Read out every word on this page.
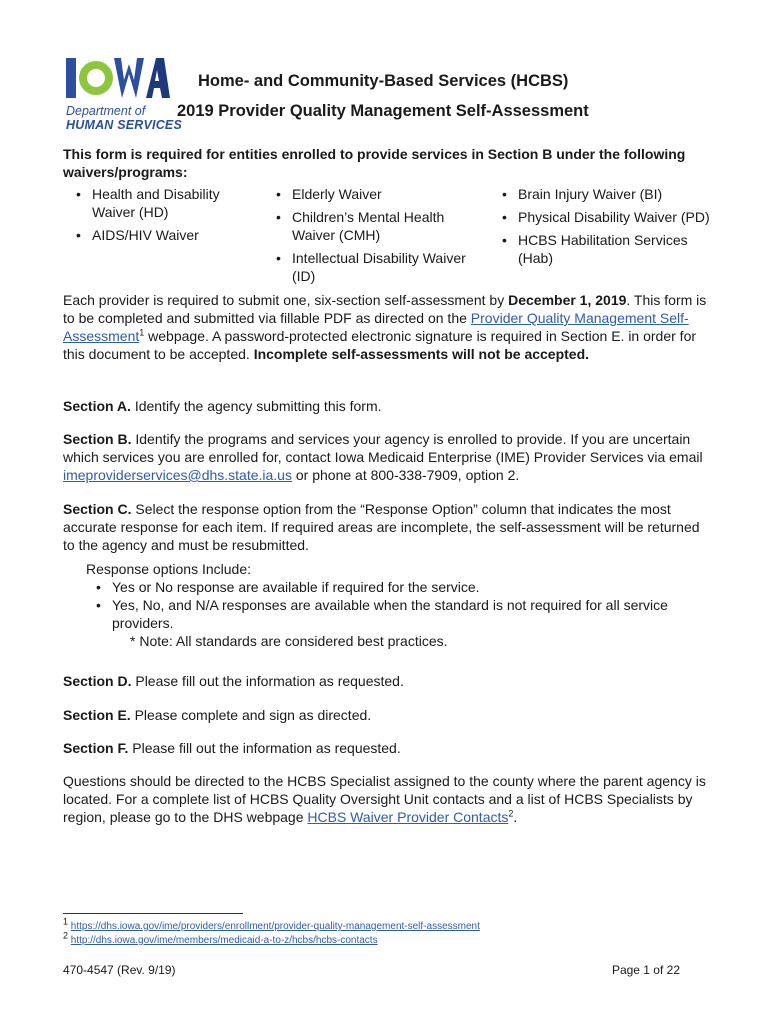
Department of
HUMAN SERVICES
Home- and Community-Based Services (HCBS)
2019 Provider Quality Management Self-Assessment
This form is required for entities enrolled to provide services in Section B under the following waivers/programs:
• Health and Disability Waiver (HD)
• AIDS/HIV Waiver
• Elderly Waiver
• Children’s Mental Health Waiver (CMH)
• Intellectual Disability Waiver (ID)
• Brain Injury Waiver (BI)
• Physical Disability Waiver (PD)
• HCBS Habilitation Services (Hab)
Each provider is required to submit one, six-section self-assessment by December 1, 2019. This form is to be completed and submitted via fillable PDF as directed on the Provider Quality Management Self-Assessment$^1$ webpage. A password-protected electronic signature is required in Section E. in order for this document to be accepted. Incomplete self-assessments will not be accepted.
Section A. Identify the agency submitting this form.
Section B. Identify the programs and services your agency is enrolled to provide. If you are uncertain which services you are enrolled for, contact Iowa Medicaid Enterprise (IME) Provider Services via email imeproviderservices@dhs.state.ia.us or phone at 800-338-7909, option 2.
Section C. Select the response option from the “Response Option” column that indicates the most accurate response for each item. If required areas are incomplete, the self-assessment will be returned to the agency and must be resubmitted.
Response options Include:
• Yes or No response are available if required for the service.
• Yes, No, and N/A responses are available when the standard is not required for all service providers.
* Note: All standards are considered best practices.
Section D. Please fill out the information as requested.
Section E. Please complete and sign as directed.
Section F. Please fill out the information as requested.
Questions should be directed to the HCBS Specialist assigned to the county where the parent agency is located. For a complete list of HCBS Quality Oversight Unit contacts and a list of HCBS Specialists by region, please go to the DHS webpage HCBS Waiver Provider Contacts$^2$.
$^1$ https://dhs.iowa.gov/ime/providers/enrollment/provider-quality-management-self-assessment
$^2$ http://dhs.iowa.gov/ime/members/medicaid-a-to-z/hcbs/hcbs-contacts
470-4547 (Rev. 9/19)	Page 1 of 22
